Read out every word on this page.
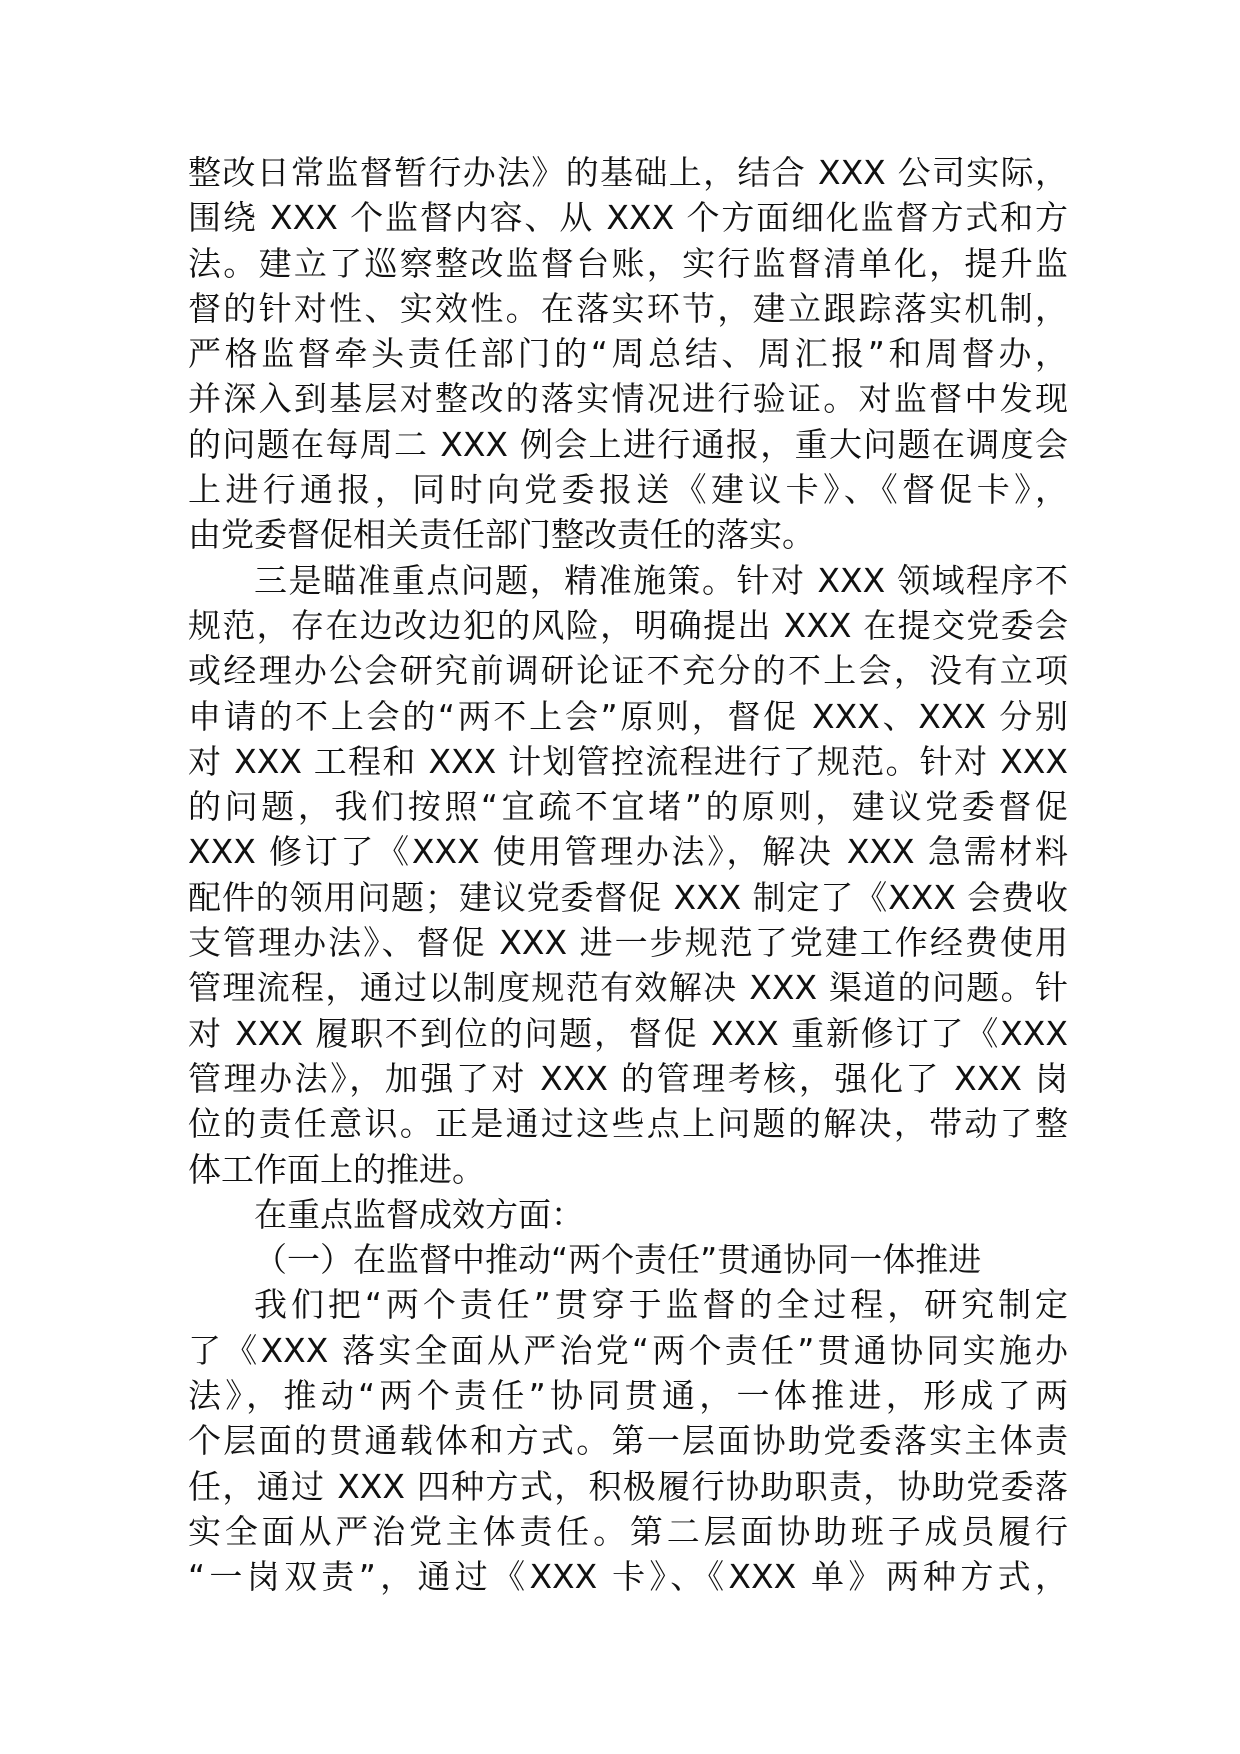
整改日常监督暂行办法》的基础上，结合 XXX 公司实际，
围绕 XXX 个监督内容、从 XXX 个方面细化监督方式和方
法。建立了巡察整改监督台账，实行监督清单化，提升监
督的针对性、实效性。在落实环节，建立跟踪落实机制，
严格监督牵头责任部门的“周总结、周汇报”和周督办，
并深入到基层对整改的落实情况进行验证。对监督中发现
的问题在每周二 XXX 例会上进行通报，重大问题在调度会
上进行通报，同时向党委报送《建议卡》、《督促卡》，
由党委督促相关责任部门整改责任的落实。
三是瞄准重点问题，精准施策。针对 XXX 领域程序不
规范，存在边改边犯的风险，明确提出 XXX 在提交党委会
或经理办公会研究前调研论证不充分的不上会，没有立项
申请的不上会的“两不上会”原则，督促 XXX、XXX 分别
对 XXX 工程和 XXX 计划管控流程进行了规范。针对 XXX
的问题，我们按照“宜疏不宜堵”的原则，建议党委督促
XXX 修订了《XXX 使用管理办法》，解决 XXX 急需材料
配件的领用问题；建议党委督促 XXX 制定了《XXX 会费收
支管理办法》、督促 XXX 进一步规范了党建工作经费使用
管理流程，通过以制度规范有效解决 XXX 渠道的问题。针
对 XXX 履职不到位的问题，督促 XXX 重新修订了《XXX
管理办法》，加强了对 XXX 的管理考核，强化了 XXX 岗
位的责任意识。正是通过这些点上问题的解决，带动了整
体工作面上的推进。
在重点监督成效方面：
（一）在监督中推动“两个责任”贯通协同一体推进
我们把“两个责任”贯穿于监督的全过程，研究制定
了《XXX 落实全面从严治党“两个责任”贯通协同实施办
法》，推动“两个责任”协同贯通，一体推进，形成了两
个层面的贯通载体和方式。第一层面协助党委落实主体责
任，通过 XXX 四种方式，积极履行协助职责，协助党委落
实全面从严治党主体责任。第二层面协助班子成员履行
“一岗双责”，通过《XXX 卡》、《XXX 单》两种方式，
